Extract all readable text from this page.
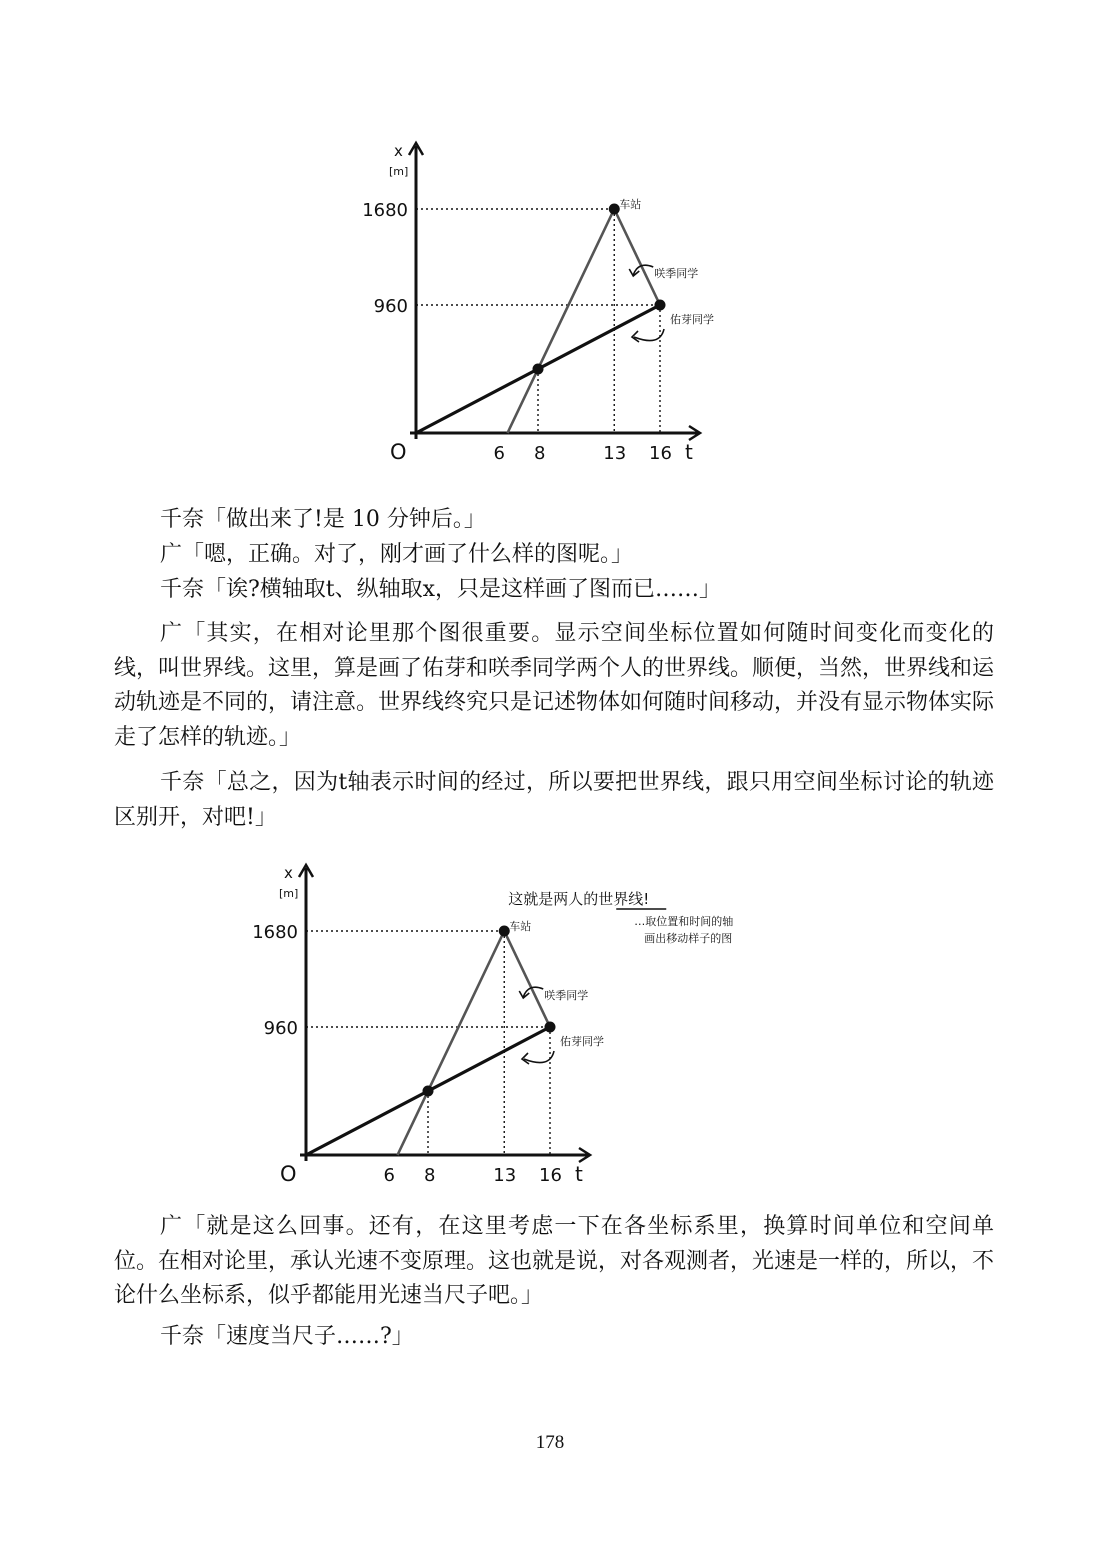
x
[m]
t
O	6 8	13 16
1680
960
车站
咲季同学
佑芽同学

千奈「做出来了!是 10 分钟后。」

广「嗯，正确。对了，刚才画了什么样的图呢。」

千奈「诶?横轴取t、纵轴取x，只是这样画了图而已……」

广「其实，在相对论里那个图很重要。显示空间坐标位置如何随时间变化而变化的线，叫世界线。这里，算是画了佑芽和咲季同学两个人的世界线。顺便，当然，世界线和运动轨迹是不同的，请注意。世界线终究只是记述物体如何随时间移动，并没有显示物体实际走了怎样的轨迹。」

千奈「总之，因为t轴表示时间的经过，所以要把世界线，跟只用空间坐标讨论的轨迹区别开，对吧!」

x
[m]
t
O	6 8	13 16
1680
960
车站
咲季同学
佑芽同学
这就是两人的世界线!
…取位置和时间的轴
画出移动样子的图

广「就是这么回事。还有，在这里考虑一下在各坐标系里，换算时间单位和空间单位。在相对论里，承认光速不变原理。这也就是说，对各观测者，光速是一样的，所以，不论什么坐标系，似乎都能用光速当尺子吧。」

千奈「速度当尺子……?」

178
